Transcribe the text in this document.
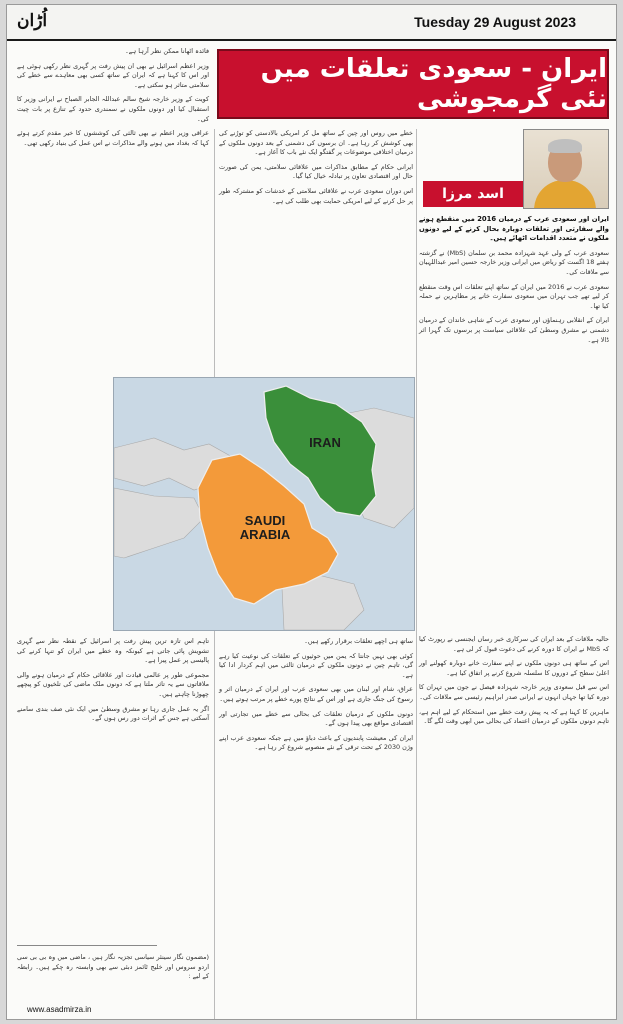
اُڑان	Tuesday 29 August 2023
ایران - سعودی تعلقات میں نئی گرمجوشی
اسد مرزا

ایران اور سعودی عرب کے درمیان 2016 میں منقطع ہونے والے سفارتی اور تعلقات دوبارہ بحال کرنے کے لیے دونوں ملکوں نے متعدد اقدامات اٹھائے ہیں۔

سعودی عرب کے ولی عہد شہزادہ محمد بن سلمان (MbS) نے گزشتہ ہفتے 18 اگست کو ریاض میں ایرانی وزیر خارجہ حسین امیر عبداللہیان سے ملاقات کی۔

سعودی عرب نے 2016 میں ایران کے ساتھ اپنے تعلقات اس وقت منقطع کر لیے تھے جب تہران میں سعودی سفارت خانے پر مظاہرین نے حملہ کیا تھا۔

ایران کے انقلابی رہنماؤں اور سعودی عرب کے شاہی خاندان کے درمیان دشمنی نے مشرق وسطیٰ کی علاقائی سیاست پر برسوں تک گہرا اثر ڈالا ہے۔

حالیہ ملاقات کے بعد ایران کی سرکاری خبر رساں ایجنسی نے رپورٹ کیا کہ MbS نے ایران کا دورہ کرنے کی دعوت قبول کر لی ہے۔

اس کے ساتھ ہی دونوں ملکوں نے اپنے سفارت خانے دوبارہ کھولنے اور اعلیٰ سطح کے دوروں کا سلسلہ شروع کرنے پر اتفاق کیا ہے۔

اس سے قبل سعودی وزیر خارجہ شہزادہ فیصل نے جون میں تہران کا دورہ کیا تھا جہاں انہوں نے ایرانی صدر ابراہیم رئیسی سے ملاقات کی۔

ماہرین کا کہنا ہے کہ یہ پیش رفت خطے میں استحکام کے لیے اہم ہے، تاہم دونوں ملکوں کے درمیان اعتماد کی بحالی میں ابھی وقت لگے گا۔

خطے میں روس اور چین کے ساتھ مل کر امریکی بالادستی کو توڑنے کی بھی کوشش کر رہا ہے۔ ان برسوں کی دشمنی کے بعد دونوں ملکوں کے درمیان اختلافی موضوعات پر گفتگو ایک نئے باب کا آغاز ہے۔

ایرانی حکام کے مطابق مذاکرات میں علاقائی سلامتی، یمن کی صورت حال اور اقتصادی تعاون پر تبادلہ خیال کیا گیا۔

اس دوران سعودی عرب نے علاقائی سلامتی کے خدشات کو مشترکہ طور پر حل کرنے کے لیے امریکی حمایت بھی طلب کی ہے۔

ساتھ ہی اچھے تعلقات برقرار رکھے ہیں۔

کوئی بھی نہیں جانتا کہ یمن میں حوثیوں کے تعلقات کی نوعیت کیا رہے گی، تاہم چین نے دونوں ملکوں کے درمیان ثالثی میں اہم کردار ادا کیا ہے۔

عراق، شام اور لبنان میں بھی سعودی عرب اور ایران کے درمیان اثر و رسوخ کی جنگ جاری ہے اور اس کے نتائج پورے خطے پر مرتب ہوتے ہیں۔

دونوں ملکوں کے درمیان تعلقات کی بحالی سے خطے میں تجارتی اور اقتصادی مواقع بھی پیدا ہوں گے۔

ایران کی معیشت پابندیوں کے باعث دباؤ میں ہے جبکہ سعودی عرب اپنے وژن 2030 کے تحت ترقی کے نئے منصوبے شروع کر رہا ہے۔

فائدہ اٹھانا ممکن نظر آرہا ہے۔

وزیر اعظم اسرائیل نے بھی ان پیش رفت پر گہری نظر رکھی ہوئی ہے اور اس کا کہنا ہے کہ ایران کے ساتھ کسی بھی معاہدے سے خطے کی سلامتی متاثر ہو سکتی ہے۔

کویت کے وزیر خارجہ شیخ سالم عبداللہ الجابر الصباح نے ایرانی وزیر کا استقبال کیا اور دونوں ملکوں نے سمندری حدود کے تنازع پر بات چیت کی۔

عراقی وزیر اعظم نے بھی ثالثی کی کوششوں کا خیر مقدم کرتے ہوئے کہا کہ بغداد میں ہونے والے مذاکرات نے اس عمل کی بنیاد رکھی تھی۔

تاہم اس تازہ ترین پیش رفت پر اسرائیل کے نقطہ نظر سے گہری تشویش پائی جاتی ہے کیونکہ وہ خطے میں ایران کو تنہا کرنے کی پالیسی پر عمل پیرا ہے۔

مجموعی طور پر عالمی قیادت اور علاقائی حکام کے درمیان ہونے والی ملاقاتوں سے یہ تاثر ملتا ہے کہ دونوں ملک ماضی کی تلخیوں کو پیچھے چھوڑنا چاہتے ہیں۔

اگر یہ عمل جاری رہا تو مشرق وسطیٰ میں ایک نئی صف بندی سامنے آسکتی ہے جس کے اثرات دور رس ہوں گے۔

(مضمون نگار سینئر سیاسی تجزیہ نگار ہیں ، ماضی میں وہ بی بی سی اردو سروس اور خلیج ٹائمز دبئی سے بھی وابستہ رہ چکے ہیں۔ رابطہ کے لیے :

www.asadmirza.in
IRAN
SAUDI
ARABIA
